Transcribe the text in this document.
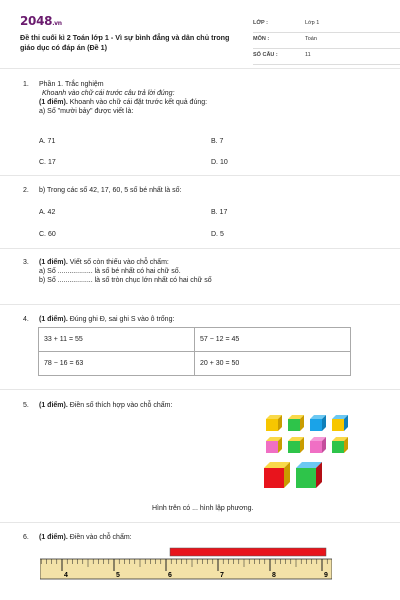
2048.vn
Đề thi cuối kì 2 Toán lớp 1 - Vì sự bình đẳng và dân chủ trong giáo dục có đáp án (Đề 1)
LỚP :	Lớp 1
MÔN :	Toán
SỐ CÂU :	11
1. Phần 1. Trắc nghiệm
Khoanh vào chữ cái trước câu trả lời đúng:
(1 điểm). Khoanh vào chữ cái đặt trước kết quả đúng:
a) Số "mười bảy" được viết là:
A. 71	B. 7
C. 17	D. 10
2. b) Trong các số 42, 17, 60, 5 số bé nhất là số:
A. 42	B. 17
C. 60	D. 5
3. (1 điểm). Viết số còn thiếu vào chỗ chấm:
a) Số .................. là số bé nhất có hai chữ số.
b) Số .................. là số tròn chục lớn nhất có hai chữ số
4. (1 điểm). Đúng ghi Đ, sai ghi S vào ô trống:
33 + 11 = 55	57 − 12 = 45
78 − 16 = 63	20 + 30 = 50
5. (1 điểm). Điền số thích hợp vào chỗ chấm:
Hình trên có ... hình lập phương.
6. (1 điểm). Điền vào chỗ chấm:
4	5	6	7	8	9
